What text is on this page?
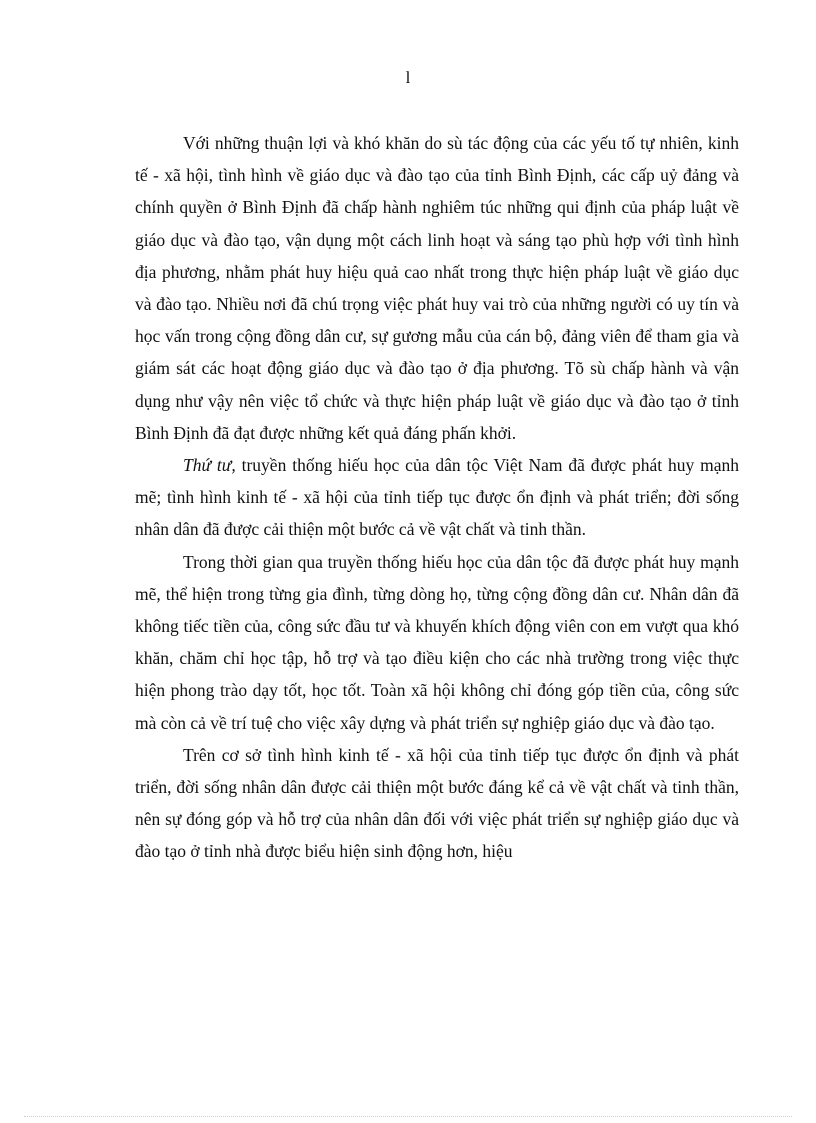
l

Với những thuận lợi và khó khăn do sù tác động của các yếu tố tự nhiên, kinh tế - xã hội, tình hình về giáo dục và đào tạo của tỉnh Bình Định, các cấp uỷ đảng và chính quyền ở Bình Định đã chấp hành nghiêm túc những qui định của pháp luật về giáo dục và đào tạo, vận dụng một cách linh hoạt và sáng tạo phù hợp với tình hình địa phương, nhằm phát huy hiệu quả cao nhất trong thực hiện pháp luật về giáo dục và đào tạo. Nhiều nơi đã chú trọng việc phát huy vai trò của những người có uy tín và học vấn trong cộng đồng dân cư, sự gương mẫu của cán bộ, đảng viên để tham gia và giám sát các hoạt động giáo dục và đào tạo ở địa phương. Tõ sù chấp hành và vận dụng như vậy nên việc tổ chức và thực hiện pháp luật về giáo dục và đào tạo ở tỉnh Bình Định đã đạt được những kết quả đáng phấn khởi.

Thứ tư, truyền thống hiếu học của dân tộc Việt Nam đã được phát huy mạnh mẽ; tình hình kinh tế - xã hội của tỉnh tiếp tục được ổn định và phát triển; đời sống nhân dân đã được cải thiện một bước cả về vật chất và tinh thần.

Trong thời gian qua truyền thống hiếu học của dân tộc đã được phát huy mạnh mẽ, thể hiện trong từng gia đình, từng dòng họ, từng cộng đồng dân cư. Nhân dân đã không tiếc tiền của, công sức đầu tư và khuyến khích động viên con em vượt qua khó khăn, chăm chỉ học tập, hỗ trợ và tạo điều kiện cho các nhà trường trong việc thực hiện phong trào dạy tốt, học tốt. Toàn xã hội không chỉ đóng góp tiền của, công sức mà còn cả về trí tuệ cho việc xây dựng và phát triển sự nghiệp giáo dục và đào tạo.

Trên cơ sở tình hình kinh tế - xã hội của tỉnh tiếp tục được ổn định và phát triển, đời sống nhân dân được cải thiện một bước đáng kể cả về vật chất và tinh thần, nên sự đóng góp và hỗ trợ của nhân dân đối với việc phát triển sự nghiệp giáo dục và đào tạo ở tỉnh nhà được biểu hiện sinh động hơn, hiệu
